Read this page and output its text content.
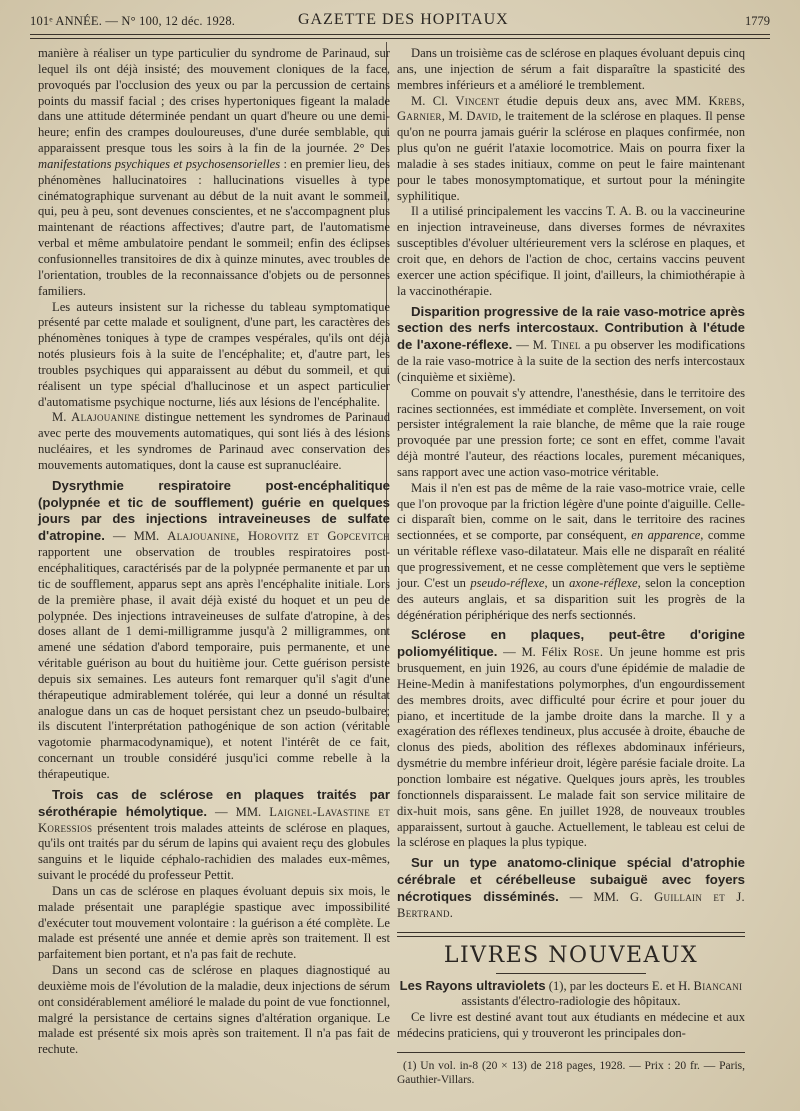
101ᵉ ANNÉE. — N° 100, 12 déc. 1928.	GAZETTE DES HOPITAUX	1779

manière à réaliser un type particulier du syndrome de Parinaud, sur lequel ils ont déjà insisté; des mouvement cloniques de la face, provoqués par l'occlusion des yeux ou par la percussion de certains points du massif facial ; des crises hypertoniques figeant la malade dans une attitude déterminée pendant un quart d'heure ou une demi-heure; enfin des crampes douloureuses, d'une durée semblable, qui apparaissent presque tous les soirs à la fin de la journée. 2° Des manifestations psychiques et psychosensorielles : en premier lieu, des phénomènes hallucinatoires : hallucinations visuelles à type cinématographique survenant au début de la nuit avant le sommeil, qui, peu à peu, sont devenues conscientes, et ne s'accompagnent plus maintenant de réactions affectives; d'autre part, de l'automatisme verbal et même ambulatoire pendant le sommeil; enfin des éclipses confusionnelles transitoires de dix à quinze minutes, avec troubles de l'orientation, troubles de la reconnaissance d'objets ou de personnes familiers.

Les auteurs insistent sur la richesse du tableau symptomatique présenté par cette malade et soulignent, d'une part, les caractères des phénomènes toniques à type de crampes vespérales, qu'ils ont déjà notés plusieurs fois à la suite de l'encéphalite; et, d'autre part, les troubles psychiques qui apparaissent au début du sommeil, et qui réalisent un type spécial d'hallucinose et un aspect particulier d'automatisme psychique nocturne, liés aux lésions de l'encéphalite.

M. Alajouanine distingue nettement les syndromes de Parinaud avec perte des mouvements automatiques, qui sont liés à des lésions nucléaires, et les syndromes de Parinaud avec conservation des mouvements automatiques, dont la cause est supranucléaire.

Dysrythmie respiratoire post-encéphalitique (polypnée et tic de soufflement) guérie en quelques jours par des injections intraveineuses de sulfate d'atropine. — MM. Alajouanine, Horovitz et Gopcevitch rapportent une observation de troubles respiratoires post-encéphalitiques, caractérisés par de la polypnée permanente et par un tic de soufflement, apparus sept ans après l'encéphalite initiale. Lors de la première phase, il avait déjà existé du hoquet et un peu de polypnée. Des injections intraveineuses de sulfate d'atropine, à des doses allant de 1 demi-milligramme jusqu'à 2 milligrammes, ont amené une sédation d'abord temporaire, puis permanente, et une véritable guérison au bout du huitième jour. Cette guérison persiste depuis six semaines. Les auteurs font remarquer qu'il s'agit d'une thérapeutique admirablement tolérée, qui leur a donné un résultat analogue dans un cas de hoquet persistant chez un pseudo-bulbaire; ils discutent l'interprétation pathogénique de son action (véritable vagotomie pharmacodynamique), et notent l'intérêt de ce fait, concernant un trouble considéré jusqu'ici comme rebelle à la thérapeutique.

Trois cas de sclérose en plaques traités par sérothérapie hémolytique. — MM. Laignel-Lavastine et Koressios présentent trois malades atteints de sclérose en plaques, qu'ils ont traités par du sérum de lapins qui avaient reçu des globules sanguins et le liquide céphalo-rachidien des malades eux-mêmes, suivant le procédé du professeur Pettit.

Dans un cas de sclérose en plaques évoluant depuis six mois, le malade présentait une paraplégie spastique avec impossibilité d'exécuter tout mouvement volontaire : la guérison a été complète. Le malade est présenté une année et demie après son traitement. Il est parfaitement bien portant, et n'a pas fait de rechute.

Dans un second cas de sclérose en plaques diagnostiqué au deuxième mois de l'évolution de la maladie, deux injections de sérum ont considérablement amélioré le malade du point de vue fonctionnel, malgré la persistance de certains signes d'altération organique. Le malade est présenté six mois après son traitement. Il n'a pas fait de rechute.

Dans un troisième cas de sclérose en plaques évoluant depuis cinq ans, une injection de sérum a fait disparaître la spasticité des membres inférieurs et a amélioré le tremblement.

M. Cl. Vincent étudie depuis deux ans, avec MM. Krebs, Garnier, M. David, le traitement de la sclérose en plaques. Il pense qu'on ne pourra jamais guérir la sclérose en plaques confirmée, non plus qu'on ne guérit l'ataxie locomotrice. Mais on pourra fixer la maladie à ses stades initiaux, comme on peut le faire maintenant pour le tabes monosymptomatique, et surtout pour la méningite syphilitique.

Il a utilisé principalement les vaccins T. A. B. ou la vaccineurine en injection intraveineuse, dans diverses formes de névraxites susceptibles d'évoluer ultérieurement vers la sclérose en plaques, et croit que, en dehors de l'action de choc, certains vaccins peuvent exercer une action spécifique. Il joint, d'ailleurs, la chimiothérapie à la vaccinothérapie.

Disparition progressive de la raie vaso-motrice après section des nerfs intercostaux. Contribution à l'étude de l'axone-réflexe. — M. Tinel a pu observer les modifications de la raie vaso-motrice à la suite de la section des nerfs intercostaux (cinquième et sixième).

Comme on pouvait s'y attendre, l'anesthésie, dans le territoire des racines sectionnées, est immédiate et complète. Inversement, on voit persister intégralement la raie blanche, de même que la raie rouge provoquée par une pression forte; ce sont en effet, comme l'avait déjà montré l'auteur, des réactions locales, purement mécaniques, sans rapport avec une action vaso-motrice véritable.

Mais il n'en est pas de même de la raie vaso-motrice vraie, celle que l'on provoque par la friction légère d'une pointe d'aiguille. Celle-ci disparaît bien, comme on le sait, dans le territoire des racines sectionnées, et se comporte, par conséquent, en apparence, comme un véritable réflexe vaso-dilatateur. Mais elle ne disparaît en réalité que progressivement, et ne cesse complètement que vers le septième jour. C'est un pseudo-réflexe, un axone-réflexe, selon la conception des auteurs anglais, et sa disparition suit les progrès de la dégénération périphérique des nerfs sectionnés.

Sclérose en plaques, peut-être d'origine poliomyélitique. — M. Félix Rose. Un jeune homme est pris brusquement, en juin 1926, au cours d'une épidémie de maladie de Heine-Medin à manifestations polymorphes, d'un engourdissement des membres droits, avec difficulté pour écrire et pour jouer du piano, et incertitude de la jambe droite dans la marche. Il y a exagération des réflexes tendineux, plus accusée à droite, ébauche de clonus des pieds, abolition des réflexes abdominaux inférieurs, dysmétrie du membre inférieur droit, légère parésie faciale droite. La ponction lombaire est négative. Quelques jours après, les troubles fonctionnels disparaissent. Le malade fait son service militaire de dix-huit mois, sans gêne. En juillet 1928, de nouveaux troubles apparaissent, surtout à gauche. Actuellement, le tableau est celui de la sclérose en plaques la plus typique.

Sur un type anatomo-clinique spécial d'atrophie cérébrale et cérébelleuse subaiguë avec foyers nécrotiques disséminés. — MM. G. Guillain et J. Bertrand.

LIVRES NOUVEAUX

Les Rayons ultraviolets (1), par les docteurs E. et H. Biancani

assistants d'électro-radiologie des hôpitaux.

Ce livre est destiné avant tout aux étudiants en médecine et aux médecins praticiens, qui y trouveront les principales don-

(1) Un vol. in-8 (20 × 13) de 218 pages, 1928. — Prix : 20 fr. — Paris, Gauthier-Villars.
